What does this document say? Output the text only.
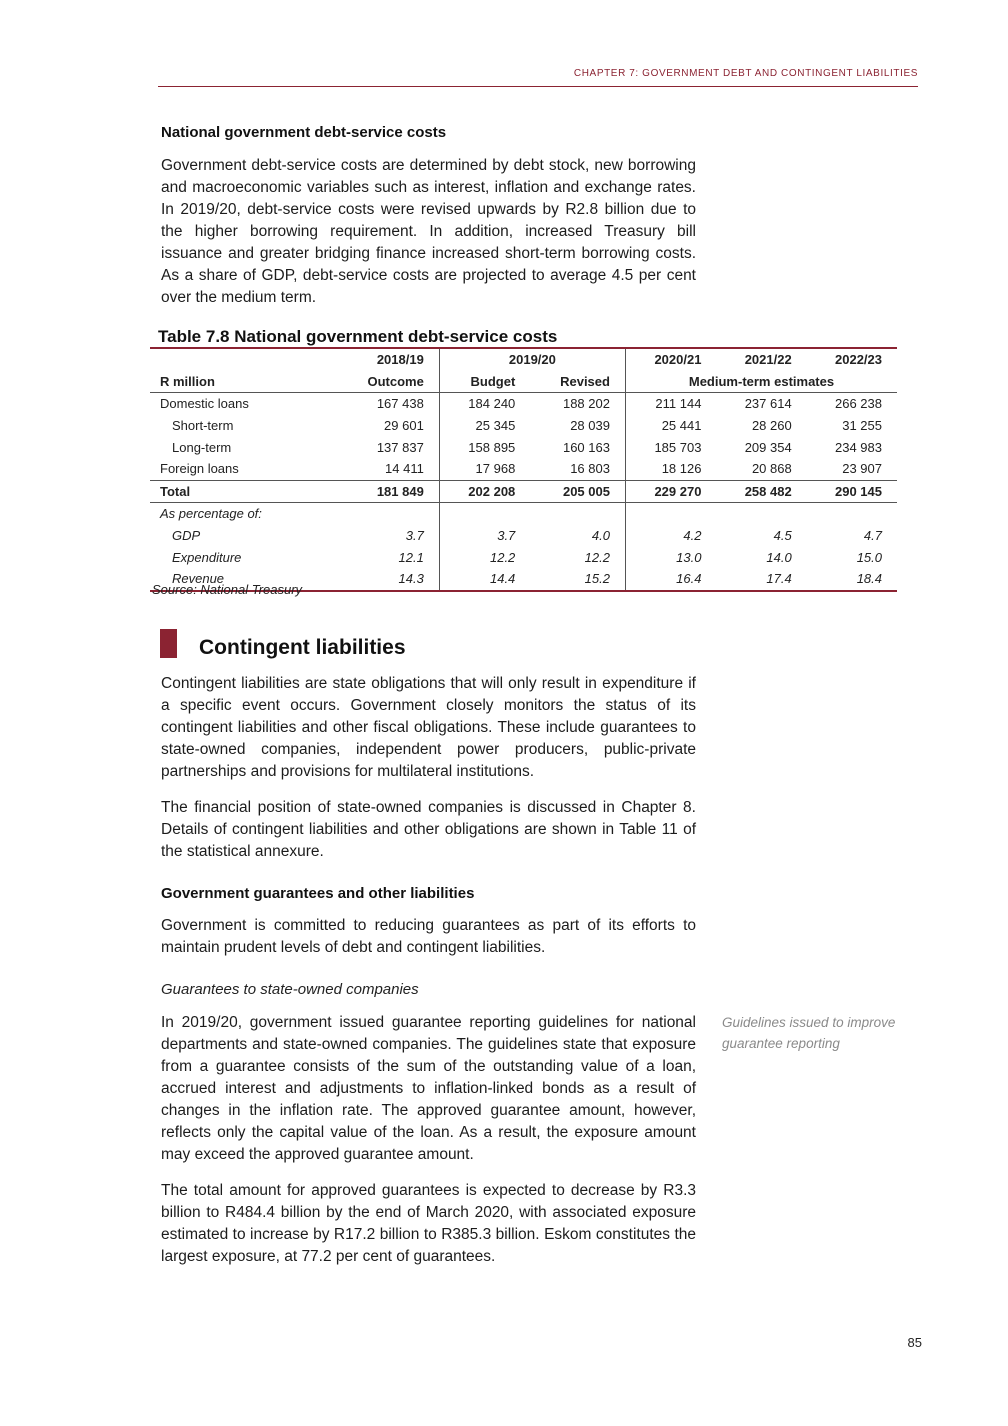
CHAPTER 7: GOVERNMENT DEBT AND CONTINGENT LIABILITIES
National government debt-service costs

Government debt-service costs are determined by debt stock, new borrowing and macroeconomic variables such as interest, inflation and exchange rates. In 2019/20, debt-service costs were revised upwards by R2.8 billion due to the higher borrowing requirement. In addition, increased Treasury bill issuance and greater bridging finance increased short-term borrowing costs. As a share of GDP, debt-service costs are projected to average 4.5 per cent over the medium term.

Table 7.8 National government debt-service costs
	2018/19	2019/20		2020/21	2021/22	2022/23
R million	Outcome	Budget	Revised	Medium-term estimates		
Domestic loans	167 438	184 240	188 202	211 144	237 614	266 238
Short-term	29 601	25 345	28 039	25 441	28 260	31 255
Long-term	137 837	158 895	160 163	185 703	209 354	234 983
Foreign loans	14 411	17 968	16 803	18 126	20 868	23 907
Total	181 849	202 208	205 005	229 270	258 482	290 145
As percentage of:						
GDP	3.7	3.7	4.0	4.2	4.5	4.7
Expenditure	12.1	12.2	12.2	13.0	14.0	15.0
Revenue	14.3	14.4	15.2	16.4	17.4	18.4
Source: National Treasury
Contingent liabilities

Contingent liabilities are state obligations that will only result in expenditure if a specific event occurs. Government closely monitors the status of its contingent liabilities and other fiscal obligations. These include guarantees to state-owned companies, independent power producers, public-private partnerships and provisions for multilateral institutions.

The financial position of state-owned companies is discussed in Chapter 8. Details of contingent liabilities and other obligations are shown in Table 11 of the statistical annexure.

Government guarantees and other liabilities

Government is committed to reducing guarantees as part of its efforts to maintain prudent levels of debt and contingent liabilities.

Guarantees to state-owned companies

In 2019/20, government issued guarantee reporting guidelines for national departments and state-owned companies. The guidelines state that exposure from a guarantee consists of the sum of the outstanding value of a loan, accrued interest and adjustments to inflation-linked bonds as a result of changes in the inflation rate. The approved guarantee amount, however, reflects only the capital value of the loan. As a result, the exposure amount may exceed the approved guarantee amount.

The total amount for approved guarantees is expected to decrease by R3.3 billion to R484.4 billion by the end of March 2020, with associated exposure estimated to increase by R17.2 billion to R385.3 billion. Eskom constitutes the largest exposure, at 77.2 per cent of guarantees.

Guidelines issued to improve guarantee reporting
85
